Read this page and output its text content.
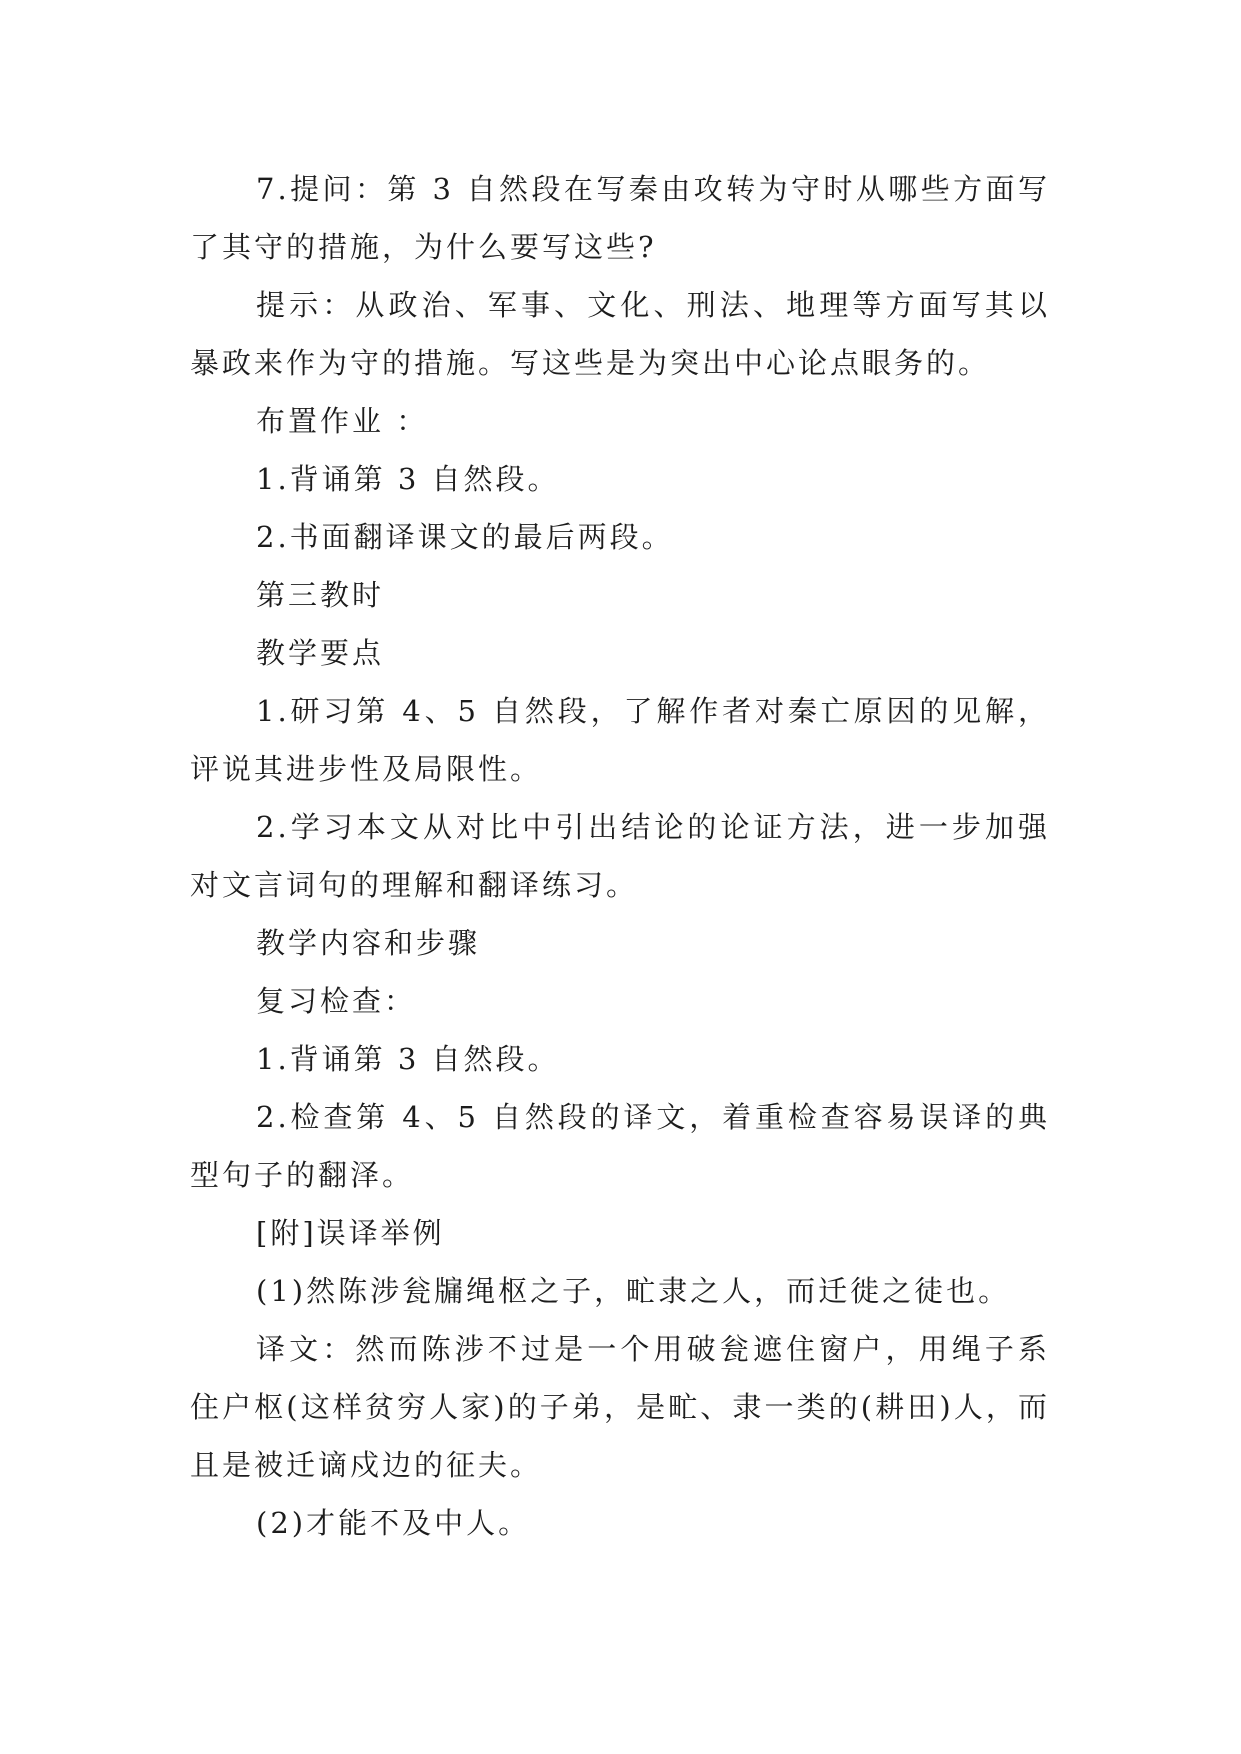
7.提问：第 3 自然段在写秦由攻转为守时从哪些方面写了其守的措施，为什么要写这些?

提示：从政治、军事、文化、刑法、地理等方面写其以暴政来作为守的措施。写这些是为突出中心论点眼务的。

布置作业 ：

1.背诵第 3 自然段。

2.书面翻译课文的最后两段。

第三教时

教学要点

1.研习第 4、5 自然段，了解作者对秦亡原因的见解，评说其进步性及局限性。

2.学习本文从对比中引出结论的论证方法，进一步加强对文言词句的理解和翻译练习。

教学内容和步骤

复习检查：

1.背诵第 3 自然段。

2.检查第 4、5 自然段的译文，着重检查容易误译的典型句子的翻泽。

[附]误译举例

(1)然陈涉瓮牖绳枢之子，甿隶之人，而迁徙之徒也。

译文：然而陈涉不过是一个用破瓮遮住窗户，用绳子系住户枢(这样贫穷人家)的子弟，是甿、隶一类的(耕田)人，而且是被迁谪戍边的征夫。

(2)才能不及中人。
